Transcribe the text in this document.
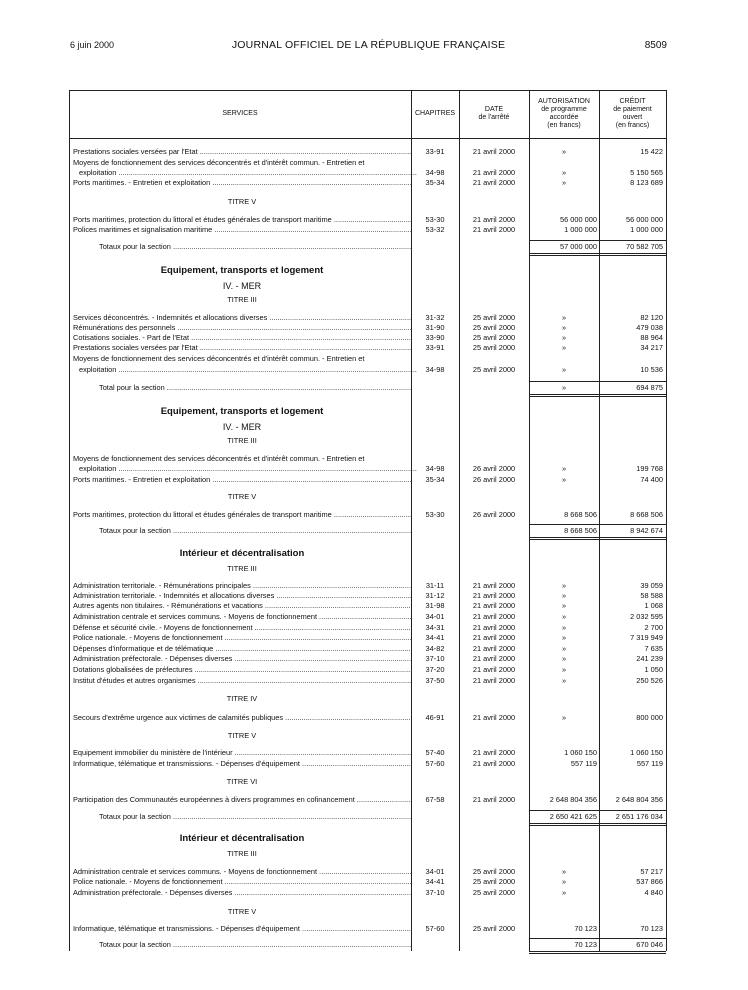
6 juin 2000	JOURNAL OFFICIEL DE LA RÉPUBLIQUE FRANÇAISE	8509
SERVICES	CHAPITRES
DATE
de l'arrêté
AUTORISATION
de programme
accordée
(en francs)
CRÉDIT
de paiement
ouvert
(en francs)
Prestations sociales versées par l'Etat .....	33-91	21 avril 2000	»	15 422
Moyens de fonctionnement des services déconcentrés et d'intérêt commun. - Entretien et
exploitation .....	34-98	21 avril 2000	»	5 150 565
Ports maritimes. - Entretien et exploitation .....	35-34	21 avril 2000	»	8 123 689
TITRE V
Ports maritimes, protection du littoral et études générales de transport maritime .....	53-30	21 avril 2000	56 000 000	56 000 000
Polices maritimes et signalisation maritime .....	53-32	21 avril 2000	1 000 000	1 000 000
Totaux pour la section .....	57 000 000	70 582 705
Equipement, transports et logement
IV. - MER
TITRE III
Services déconcentrés. - Indemnités et allocations diverses .....	31-32	25 avril 2000	»	82 120
Rémunérations des personnels .....	31-90	25 avril 2000	»	479 038
Cotisations sociales. - Part de l'Etat .....	33-90	25 avril 2000	»	88 964
Prestations sociales versées par l'Etat .....	33-91	25 avril 2000	»	34 217
Moyens de fonctionnement des services déconcentrés et d'intérêt commun. - Entretien et
exploitation .....	34-98	25 avril 2000	»	10 536
Total pour la section .....	»	694 875
Equipement, transports et logement
IV. - MER
TITRE III
Moyens de fonctionnement des services déconcentrés et d'intérêt commun. - Entretien et
exploitation .....	34-98	26 avril 2000	»	199 768
Ports maritimes. - Entretien et exploitation .....	35-34	26 avril 2000	»	74 400
TITRE V
Ports maritimes, protection du littoral et études générales de transport maritime .....	53-30	26 avril 2000	8 668 506	8 668 506
Totaux pour la section .....	8 668 506	8 942 674
Intérieur et décentralisation
TITRE III
Administration territoriale. - Rémunérations principales .....	31-11	21 avril 2000	»	39 059
Administration territoriale. - Indemnités et allocations diverses .....	31-12	21 avril 2000	»	58 588
Autres agents non titulaires. - Rémunérations et vacations .....	31-98	21 avril 2000	»	1 068
Administration centrale et services communs. - Moyens de fonctionnement .....	34-01	21 avril 2000	»	2 032 595
Défense et sécurité civile. - Moyens de fonctionnement .....	34-31	21 avril 2000	»	2 700
Police nationale. - Moyens de fonctionnement .....	34-41	21 avril 2000	»	7 319 949
Dépenses d'informatique et de télématique .....	34-82	21 avril 2000	»	7 635
Administration préfectorale. - Dépenses diverses .....	37-10	21 avril 2000	»	241 239
Dotations globalisées de préfectures .....	37-20	21 avril 2000	»	1 050
Institut d'études et autres organismes .....	37-50	21 avril 2000	»	250 526
TITRE IV
Secours d'extrême urgence aux victimes de calamités publiques .....	46-91	21 avril 2000	»	800 000
TITRE V
Equipement immobilier du ministère de l'intérieur .....	57-40	21 avril 2000	1 060 150	1 060 150
Informatique, télématique et transmissions. - Dépenses d'équipement .....	57-60	21 avril 2000	557 119	557 119
TITRE VI
Participation des Communautés européennes à divers programmes en cofinancement .....	67-58	21 avril 2000	2 648 804 356	2 648 804 356
Totaux pour la section .....	2 650 421 625	2 651 176 034
Intérieur et décentralisation
TITRE III
Administration centrale et services communs. - Moyens de fonctionnement .....	34-01	25 avril 2000	»	57 217
Police nationale. - Moyens de fonctionnement .....	34-41	25 avril 2000	»	537 866
Administration préfectorale. - Dépenses diverses .....	37-10	25 avril 2000	»	4 840
TITRE V
Informatique, télématique et transmissions. - Dépenses d'équipement .....	57-60	25 avril 2000	70 123	70 123
Totaux pour la section .....	70 123	670 046
